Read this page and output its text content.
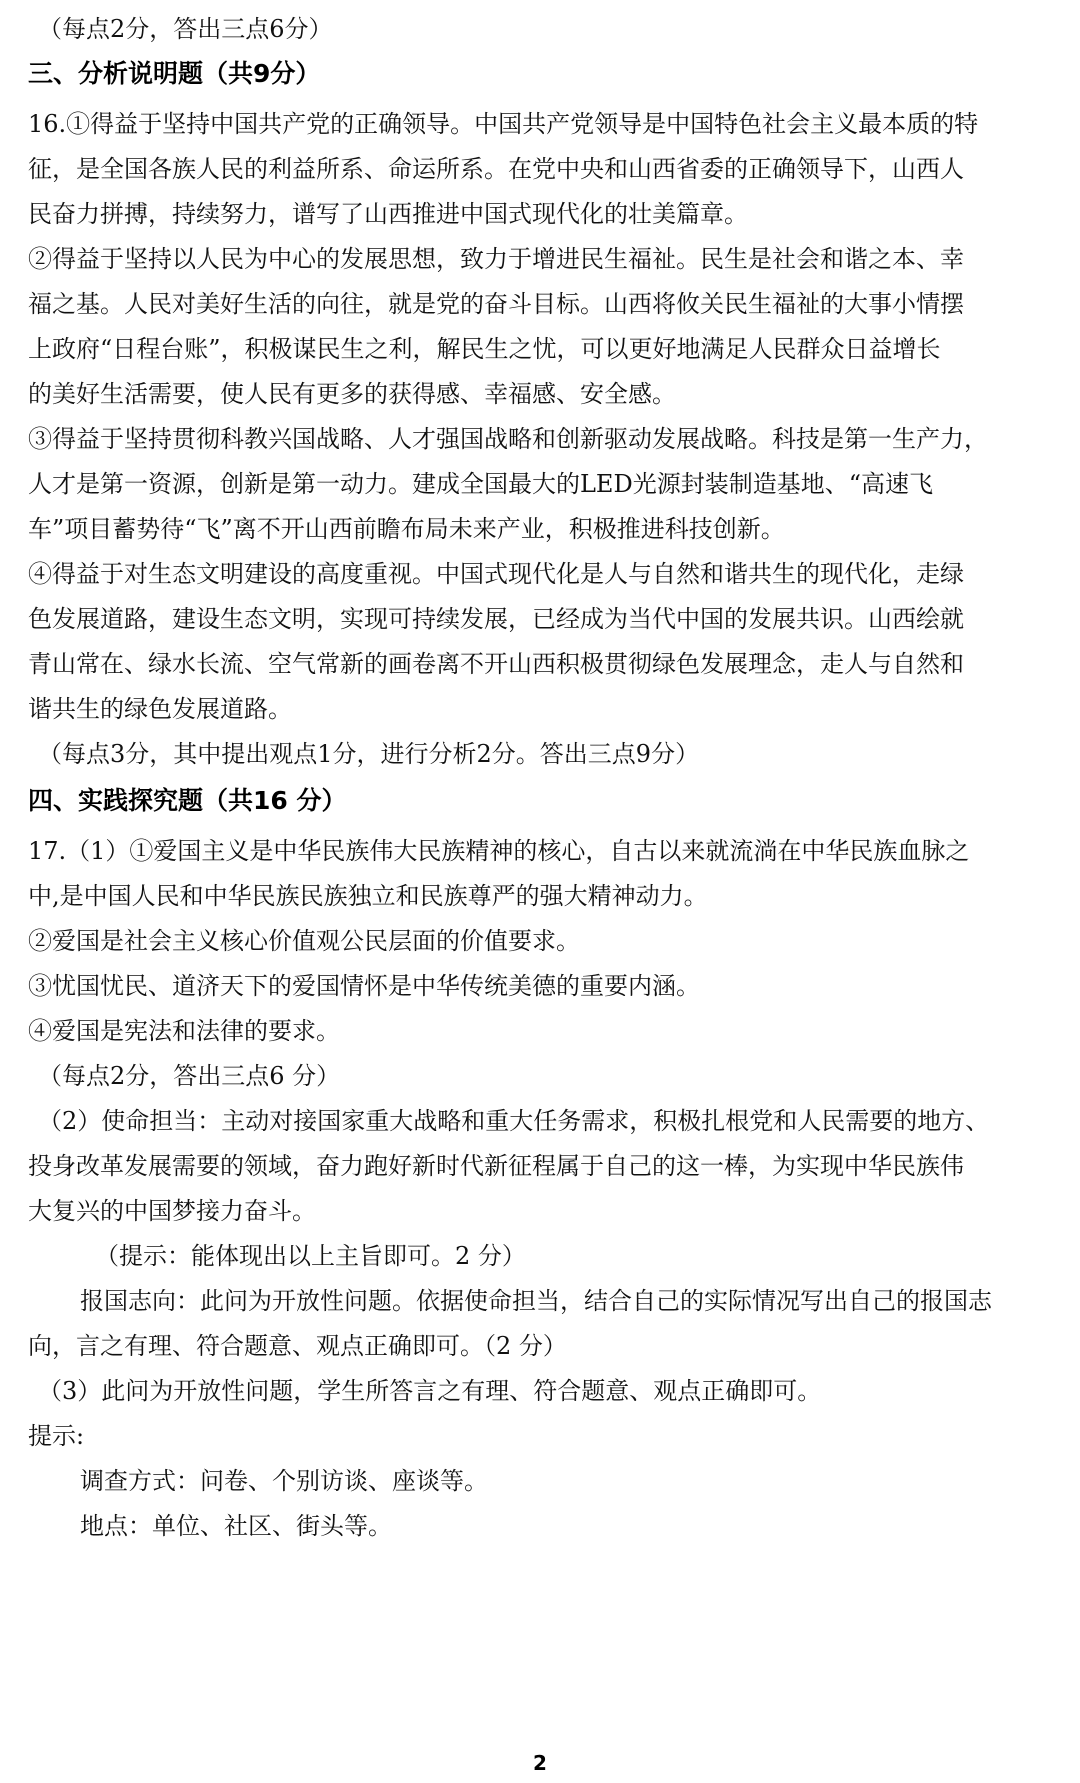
（每点2分，答出三点6分）
三、分析说明题（共9分）
16.①得益于坚持中国共产党的正确领导。中国共产党领导是中国特色社会主义最本质的特
征，是全国各族人民的利益所系、命运所系。在党中央和山西省委的正确领导下，山西人
民奋力拼搏，持续努力，谱写了山西推进中国式现代化的壮美篇章。
②得益于坚持以人民为中心的发展思想，致力于增进民生福祉。民生是社会和谐之本、幸
福之基。人民对美好生活的向往，就是党的奋斗目标。山西将攸关民生福祉的大事小情摆
上政府“日程台账”，积极谋民生之利，解民生之忧，可以更好地满足人民群众日益增长
的美好生活需要，使人民有更多的获得感、幸福感、安全感。
③得益于坚持贯彻科教兴国战略、人才强国战略和创新驱动发展战略。科技是第一生产力，
人才是第一资源，创新是第一动力。建成全国最大的LED光源封装制造基地、“高速飞
车”项目蓄势待“飞”离不开山西前瞻布局未来产业，积极推进科技创新。
④得益于对生态文明建设的高度重视。中国式现代化是人与自然和谐共生的现代化，走绿
色发展道路，建设生态文明，实现可持续发展，已经成为当代中国的发展共识。山西绘就
青山常在、绿水长流、空气常新的画卷离不开山西积极贯彻绿色发展理念，走人与自然和
谐共生的绿色发展道路。
（每点3分，其中提出观点1分，进行分析2分。答出三点9分）
四、实践探究题（共16 分）
17.（1）①爱国主义是中华民族伟大民族精神的核心，自古以来就流淌在中华民族血脉之
中,是中国人民和中华民族民族独立和民族尊严的强大精神动力。
②爱国是社会主义核心价值观公民层面的价值要求。
③忧国忧民、道济天下的爱国情怀是中华传统美德的重要内涵。
④爱国是宪法和法律的要求。
（每点2分，答出三点6 分）
（2）使命担当：主动对接国家重大战略和重大任务需求，积极扎根党和人民需要的地方、
投身改革发展需要的领域，奋力跑好新时代新征程属于自己的这一棒，为实现中华民族伟
大复兴的中国梦接力奋斗。
（提示：能体现出以上主旨即可。2 分）
报国志向：此问为开放性问题。依据使命担当，结合自己的实际情况写出自己的报国志
向，言之有理、符合题意、观点正确即可。（2 分）
（3）此问为开放性问题，学生所答言之有理、符合题意、观点正确即可。
提示:
调查方式：问卷、个别访谈、座谈等。
地点：单位、社区、街头等。
2
